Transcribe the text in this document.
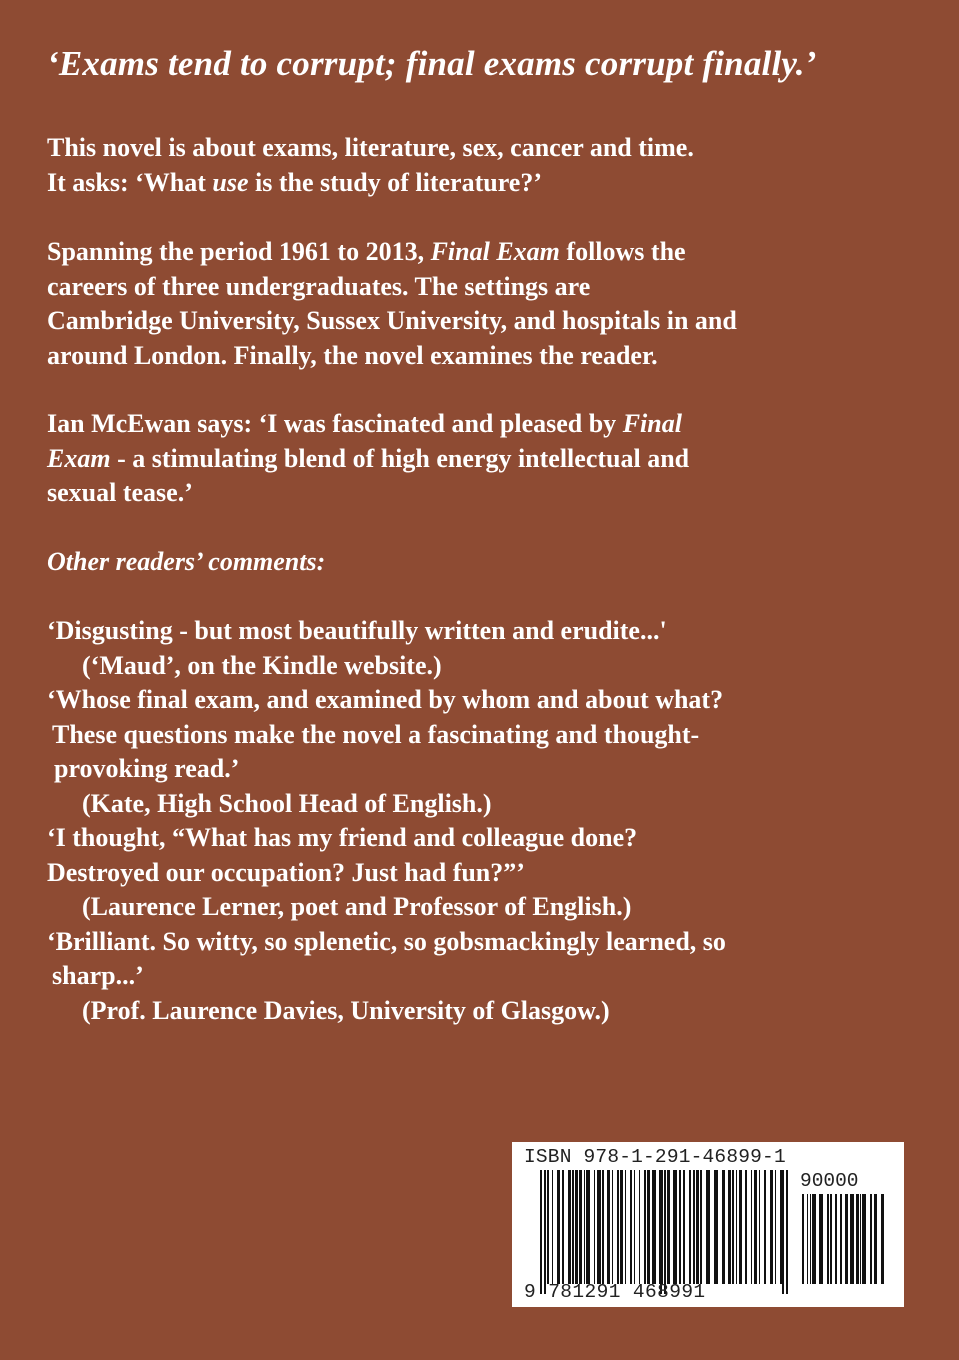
‘Exams tend to corrupt; final exams corrupt finally.’
This novel is about exams, literature, sex, cancer and time.
It asks: ‘What use is the study of literature?’
Spanning the period 1961 to 2013, Final Exam follows the
careers of three undergraduates. The settings are
Cambridge University, Sussex University, and hospitals in and
around London. Finally, the novel examines the reader.
Ian McEwan says: ‘I was fascinated and pleased by Final
Exam - a stimulating blend of high energy intellectual and
sexual tease.’
Other readers’ comments:
‘Disgusting - but most beautifully written and erudite...'
(‘Maud’, on the Kindle website.)
‘Whose final exam, and examined by whom and about what?
These questions make the novel a fascinating and thought-
provoking read.’
(Kate, High School Head of English.)
‘I thought, “What has my friend and colleague done?
Destroyed our occupation? Just had fun?”’
(Laurence Lerner, poet and Professor of English.)
‘Brilliant. So witty, so splenetic, so gobsmackingly learned, so
sharp...’
(Prof. Laurence Davies, University of Glasgow.)
ISBN 978-1-291-46899-1
90000
9 781291 468991
